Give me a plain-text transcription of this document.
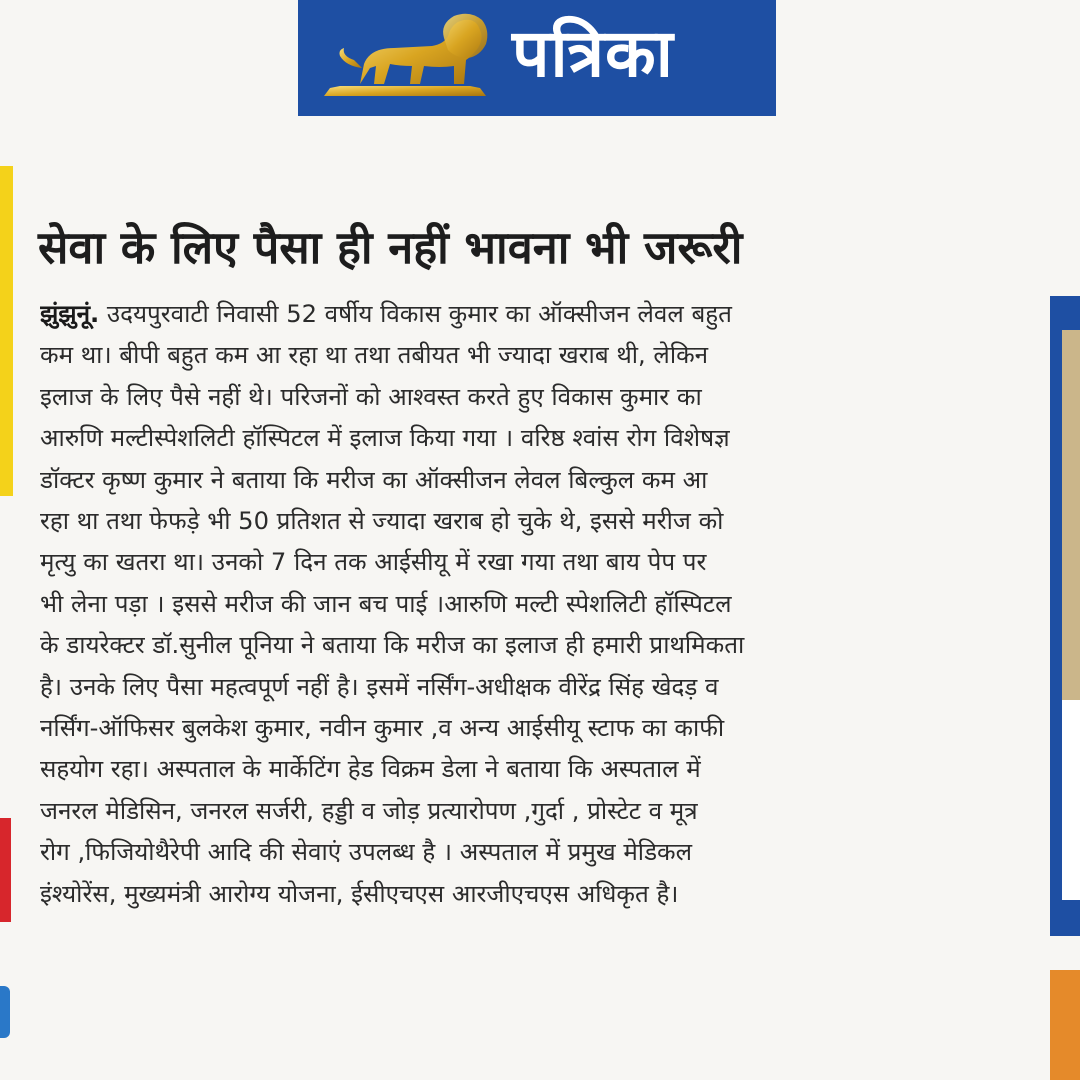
पत्रिका
सेवा के लिए पैसा ही नहीं भावना भी जरूरी
झुंझुनूं. उदयपुरवाटी निवासी 52 वर्षीय विकास कुमार का ऑक्सीजन लेवल बहुत
कम था। बीपी बहुत कम आ रहा था तथा तबीयत भी ज्यादा खराब थी, लेकिन
इलाज के लिए पैसे नहीं थे। परिजनों को आश्वस्त करते हुए विकास कुमार का
आरुणि मल्टीस्पेशलिटी हॉस्पिटल में इलाज किया गया । वरिष्ठ श्वांस रोग विशेषज्ञ
डॉक्टर कृष्ण कुमार ने बताया कि मरीज का ऑक्सीजन लेवल बिल्कुल कम आ
रहा था तथा फेफड़े भी 50 प्रतिशत से ज्यादा खराब हो चुके थे, इससे मरीज को
मृत्यु का खतरा था। उनको 7 दिन तक आईसीयू में रखा गया तथा बाय पेप पर
भी लेना पड़ा । इससे मरीज की जान बच पाई ।आरुणि मल्टी स्पेशलिटी हॉस्पिटल
के डायरेक्टर डॉ.सुनील पूनिया ने बताया कि मरीज का इलाज ही हमारी प्राथमिकता
है। उनके लिए पैसा महत्वपूर्ण नहीं है। इसमें नर्सिंग-अधीक्षक वीरेंद्र सिंह खेदड़ व
नर्सिंग-ऑफिसर बुलकेश कुमार, नवीन कुमार ,व अन्य आईसीयू स्टाफ का काफी
सहयोग रहा। अस्पताल के मार्केटिंग हेड विक्रम डेला ने बताया कि अस्पताल में
जनरल मेडिसिन, जनरल सर्जरी, हड्डी व जोड़ प्रत्यारोपण ,गुर्दा , प्रोस्टेट व मूत्र
रोग ,फिजियोथैरेपी आदि की सेवाएं उपलब्ध है । अस्पताल में प्रमुख मेडिकल
इंश्योरेंस, मुख्यमंत्री आरोग्य योजना, ईसीएचएस आरजीएचएस अधिकृत है।
